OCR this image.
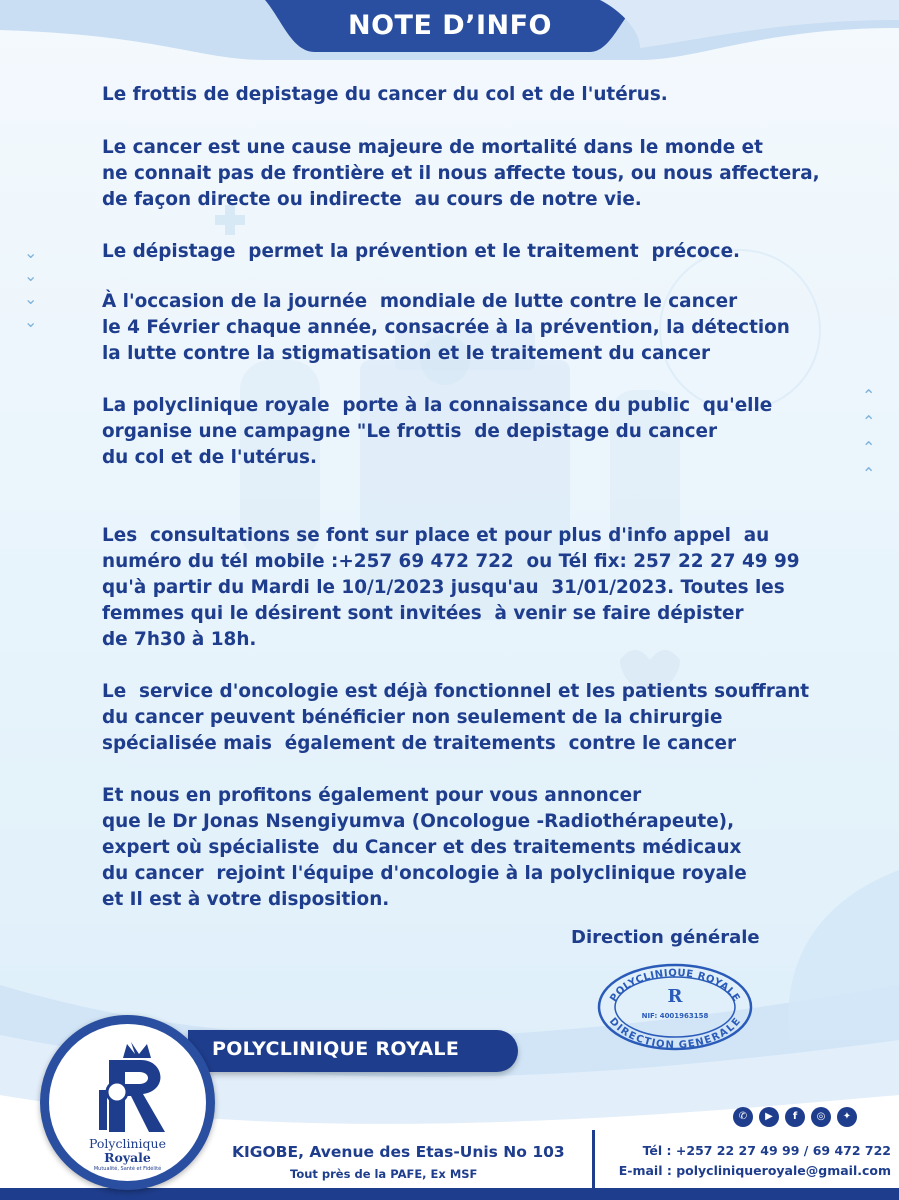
⌄
⌄
⌄
⌄
⌃
⌃
⌃
⌃
NOTE D’INFO

Le frottis de depistage du cancer du col et de l'utérus.

Le cancer est une cause majeure de mortalité dans le monde et
ne connait pas de frontière et il nous affecte tous, ou nous affectera,
de façon directe ou indirecte  au cours de notre vie.

Le dépistage  permet la prévention et le traitement  précoce.

À l'occasion de la journée  mondiale de lutte contre le cancer
le 4 Février chaque année, consacrée à la prévention, la détection
la lutte contre la stigmatisation et le traitement du cancer

La polyclinique royale  porte à la connaissance du public  qu'elle
organise une campagne "Le frottis  de depistage du cancer
du col et de l'utérus.

Les  consultations se font sur place et pour plus d'info appel  au
numéro du tél mobile :+257 69 472 722  ou Tél fix: 257 22 27 49 99
qu'à partir du Mardi le 10/1/2023 jusqu'au  31/01/2023. Toutes les
femmes qui le désirent sont invitées  à venir se faire dépister
de 7h30 à 18h.

Le  service d'oncologie est déjà fonctionnel et les patients souffrant
du cancer peuvent bénéficier non seulement de la chirurgie
spécialisée mais  également de traitements  contre le cancer

Et nous en profitons également pour vous annoncer
que le Dr Jonas Nsengiyumva (Oncologue -Radiothérapeute),
expert où spécialiste  du Cancer et des traitements médicaux
du cancer  rejoint l'équipe d'oncologie à la polyclinique royale
et Il est à votre disposition.

Direction générale
POLYCLINIQUE ROYALE
DIRECTION GENERALE
R
NIF: 4001963158
POLYCLINIQUE ROYALE
Polyclinique
Royale
Mutualité, Santé et Fidélité
✆	▶	f	◎	✦
KIGOBE, Avenue des Etas-Unis No 103
Tout près de la PAFE, Ex MSF
Tél : +257 22 27 49 99 / 69 472 722
E-mail : polycliniqueroyale@gmail.com
